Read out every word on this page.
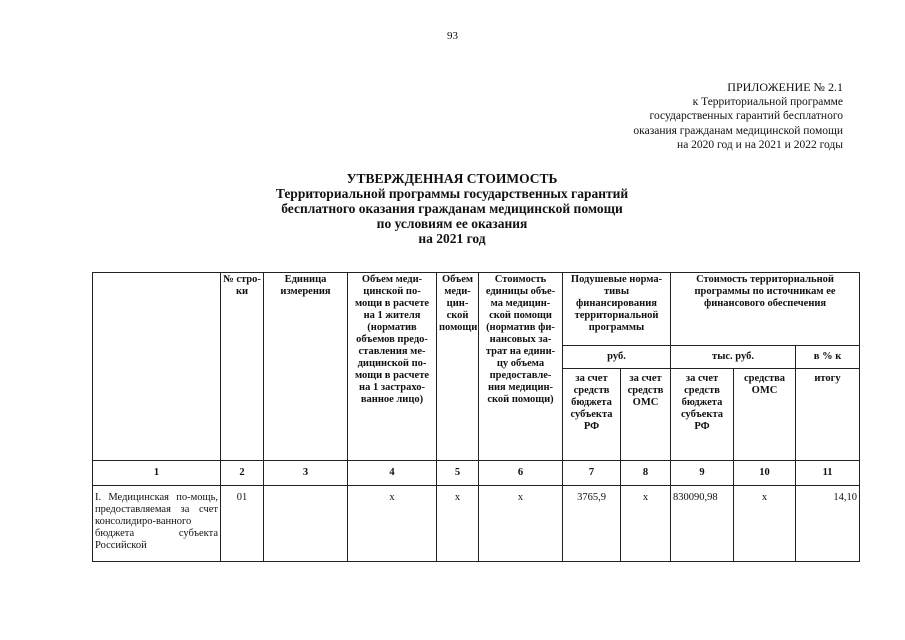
93
ПРИЛОЖЕНИЕ № 2.1
к Территориальной программе
государственных гарантий бесплатного
оказания гражданам медицинской помощи
на 2020 год и на 2021 и 2022 годы
УТВЕРЖДЕННАЯ СТОИМОСТЬ
Территориальной программы государственных гарантий
бесплатного оказания гражданам медицинской помощи
по условиям ее оказания
на 2021 год
	№ стро-ки	Единица измерения	Объем меди-цинской по-мощи в расчете на 1 жителя (норматив объемов предо-ставления ме-дицинской по-мощи в расчете на 1 застрахо-ванное лицо)	Объем меди-цин-ской помощи	Стоимость единицы объе-ма медицин-ской помощи (норматив фи-нансовых за-трат на едини-цу объема предоставле-ния медицин-ской помощи)	Подушевые норма-тивы финансирования территориальной программы		Стоимость территориальной программы по источникам ее финансового обеспечения		
						руб.		тыс. руб.		в % к
						за счет средств бюджета субъекта РФ	за счет средств ОМС	за счет средств бюджета субъекта РФ	средства ОМС	итогу
1	2	3	4	5	6	7	8	9	10	11
I. Медицинская по-мощь, предоставляемая за счет консолидиро-ванного бюджета субъекта Российской	01		х	х	х	3765,9	х	830090,98	х	14,10
